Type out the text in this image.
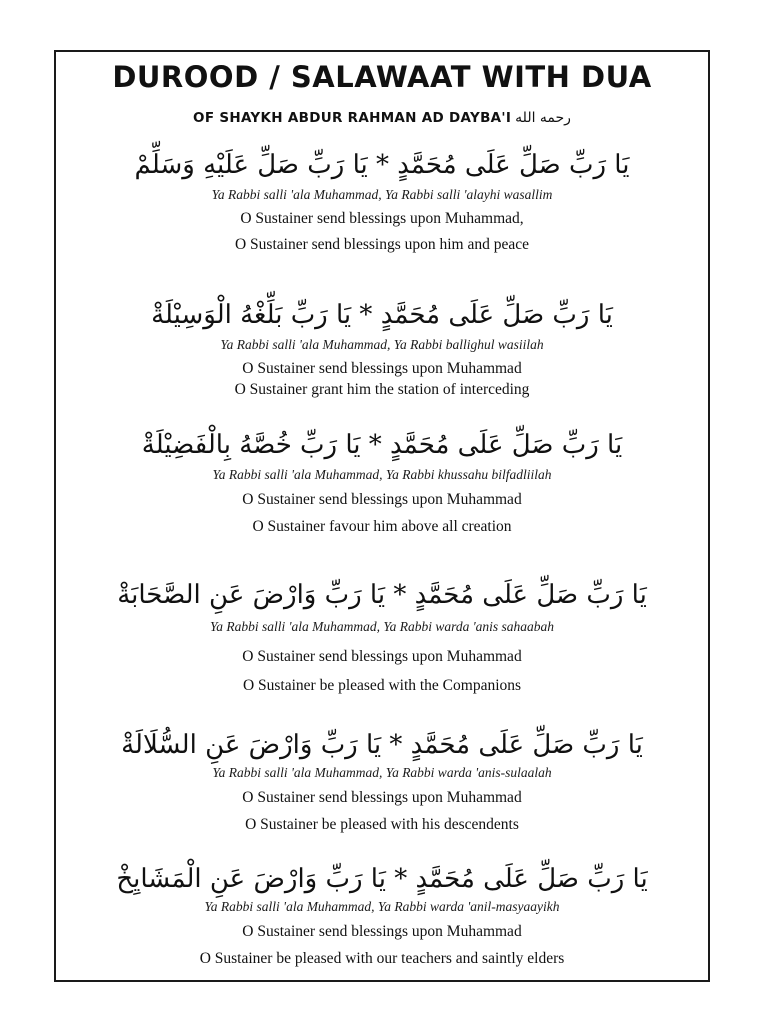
DUROOD / SALAWAAT WITH DUA
OF SHAYKH ABDUR RAHMAN AD DAYBA'I رحمه الله
يَا رَبِّ صَلِّ عَلَى مُحَمَّدٍ * يَا رَبِّ صَلِّ عَلَيْهِ وَسَلِّمْ
Ya Rabbi salli 'ala Muhammad, Ya Rabbi salli 'alayhi wasallim
O Sustainer send blessings upon Muhammad,
O Sustainer send blessings upon him and peace
يَا رَبِّ صَلِّ عَلَى مُحَمَّدٍ * يَا رَبِّ بَلِّغْهُ الْوَسِيْلَةْ
Ya Rabbi salli 'ala Muhammad, Ya Rabbi ballighul wasiilah
O Sustainer send blessings upon Muhammad
O Sustainer grant him the station of interceding
يَا رَبِّ صَلِّ عَلَى مُحَمَّدٍ * يَا رَبِّ خُصَّهُ بِالْفَضِيْلَةْ
Ya Rabbi salli 'ala Muhammad, Ya Rabbi khussahu bilfadliilah
O Sustainer send blessings upon Muhammad
O Sustainer favour him above all creation
يَا رَبِّ صَلِّ عَلَى مُحَمَّدٍ * يَا رَبِّ وَارْضَ عَنِ الصَّحَابَةْ
Ya Rabbi salli 'ala Muhammad, Ya Rabbi warda 'anis sahaabah
O Sustainer send blessings upon Muhammad
O Sustainer be pleased with the Companions
يَا رَبِّ صَلِّ عَلَى مُحَمَّدٍ * يَا رَبِّ وَارْضَ عَنِ السُّلَالَةْ
Ya Rabbi salli 'ala Muhammad, Ya Rabbi warda 'anis-sulaalah
O Sustainer send blessings upon Muhammad
O Sustainer be pleased with his descendents
يَا رَبِّ صَلِّ عَلَى مُحَمَّدٍ * يَا رَبِّ وَارْضَ عَنِ الْمَشَايِخْ
Ya Rabbi salli 'ala Muhammad, Ya Rabbi warda 'anil-masyaayikh
O Sustainer send blessings upon Muhammad
O Sustainer be pleased with our teachers and saintly elders
